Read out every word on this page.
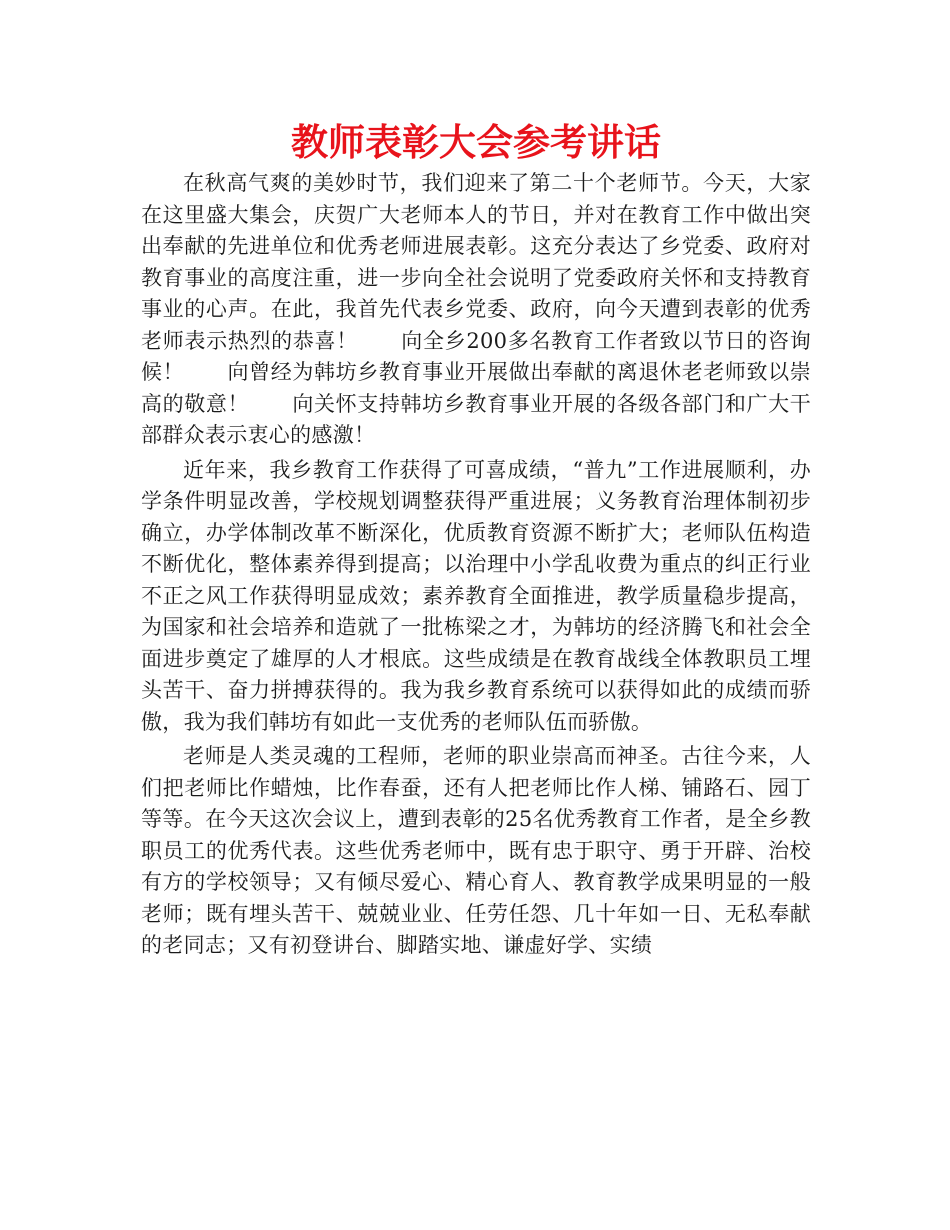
教师表彰大会参考讲话

在秋高气爽的美妙时节，我们迎来了第二十个老师节。今天，大家在这里盛大集会，庆贺广大老师本人的节日，并对在教育工作中做出突出奉献的先进单位和优秀老师进展表彰。这充分表达了乡党委、政府对教育事业的高度注重，进一步向全社会说明了党委政府关怀和支持教育事业的心声。在此，我首先代表乡党委、政府，向今天遭到表彰的优秀老师表示热烈的恭喜！　　向全乡200多名教育工作者致以节日的咨询候！　　向曾经为韩坊乡教育事业开展做出奉献的离退休老老师致以崇高的敬意！　　向关怀支持韩坊乡教育事业开展的各级各部门和广大干部群众表示衷心的感激！

近年来，我乡教育工作获得了可喜成绩，“普九”工作进展顺利，办学条件明显改善，学校规划调整获得严重进展；义务教育治理体制初步确立，办学体制改革不断深化，优质教育资源不断扩大；老师队伍构造不断优化，整体素养得到提高；以治理中小学乱收费为重点的纠正行业不正之风工作获得明显成效；素养教育全面推进，教学质量稳步提高，为国家和社会培养和造就了一批栋梁之才，为韩坊的经济腾飞和社会全面进步奠定了雄厚的人才根底。这些成绩是在教育战线全体教职员工埋头苦干、奋力拼搏获得的。我为我乡教育系统可以获得如此的成绩而骄傲，我为我们韩坊有如此一支优秀的老师队伍而骄傲。

老师是人类灵魂的工程师，老师的职业崇高而神圣。古往今来，人们把老师比作蜡烛，比作春蚕，还有人把老师比作人梯、铺路石、园丁等等。在今天这次会议上，遭到表彰的25名优秀教育工作者，是全乡教职员工的优秀代表。这些优秀老师中，既有忠于职守、勇于开辟、治校有方的学校领导；又有倾尽爱心、精心育人、教育教学成果明显的一般老师；既有埋头苦干、兢兢业业、任劳任怨、几十年如一日、无私奉献的老同志；又有初登讲台、脚踏实地、谦虚好学、实绩
